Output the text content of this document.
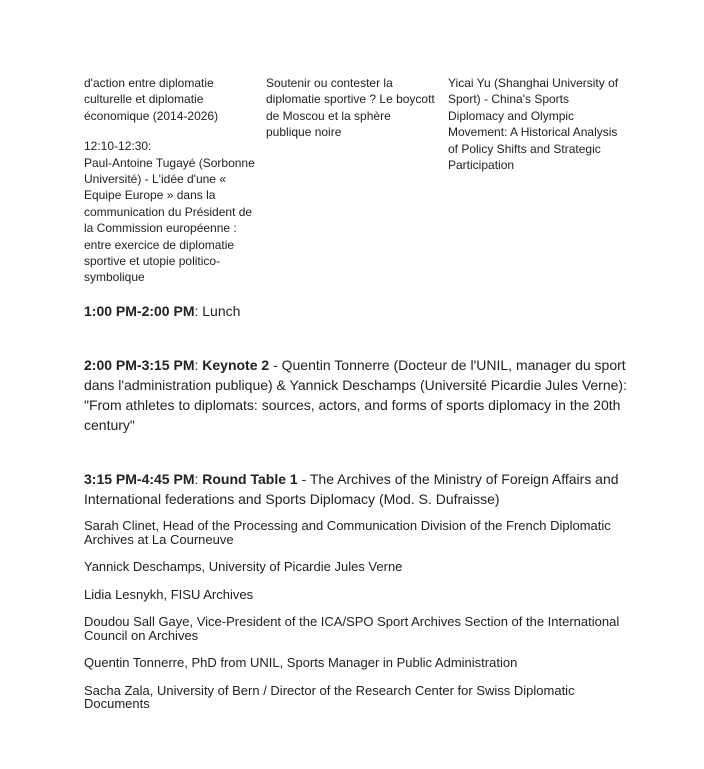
d'action entre diplomatie culturelle et diplomatie économique (2014-2026)

12:10-12:30:
Paul-Antoine Tugayé (Sorbonne Université) - L'idée d'une « Equipe Europe » dans la communication du Président de la Commission européenne : entre exercice de diplomatie sportive et utopie politico-symbolique

Soutenir ou contester la diplomatie sportive ? Le boycott de Moscou et la sphère publique noire

Yicai Yu (Shanghai University of Sport) - China's Sports Diplomacy and Olympic Movement: A Historical Analysis of Policy Shifts and Strategic Participation

1:00 PM-2:00 PM: Lunch

2:00 PM-3:15 PM: Keynote 2 - Quentin Tonnerre (Docteur de l'UNIL, manager du sport dans l'administration publique) & Yannick Deschamps (Université Picardie Jules Verne): "From athletes to diplomats: sources, actors, and forms of sports diplomacy in the 20th century"

3:15 PM-4:45 PM: Round Table 1 - The Archives of the Ministry of Foreign Affairs and International federations and Sports Diplomacy (Mod. S. Dufraisse)

Sarah Clinet, Head of the Processing and Communication Division of the French Diplomatic Archives at La Courneuve

Yannick Deschamps, University of Picardie Jules Verne

Lidia Lesnykh, FISU Archives

Doudou Sall Gaye, Vice-President of the ICA/SPO Sport Archives Section of the International Council on Archives

Quentin Tonnerre, PhD from UNIL, Sports Manager in Public Administration

Sacha Zala, University of Bern / Director of the Research Center for Swiss Diplomatic Documents
